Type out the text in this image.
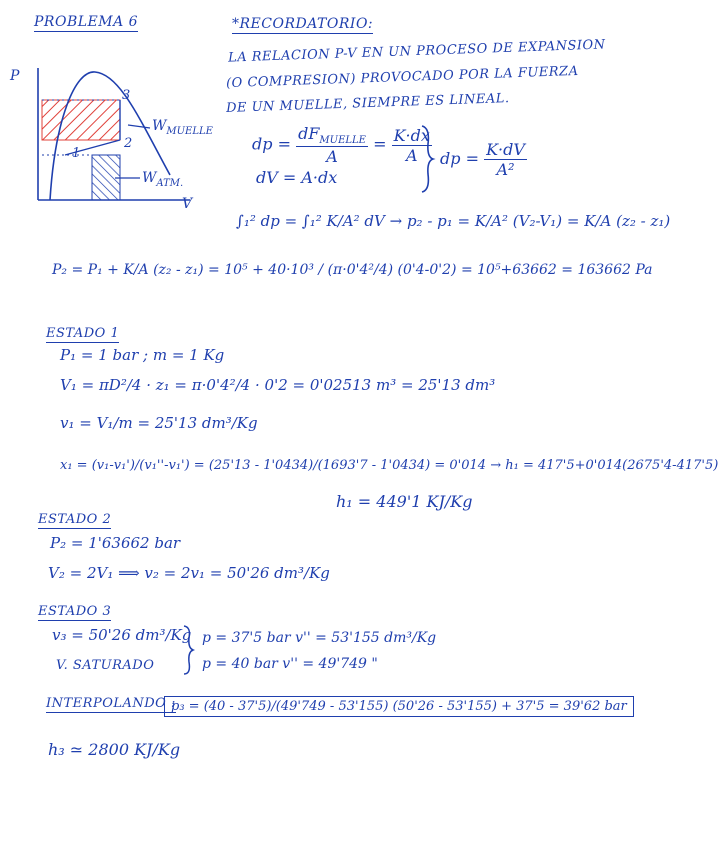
PROBLEMA 6	*RECORDATORIO:
LA RELACION P-V EN UN PROCESO DE EXPANSION
(O COMPRESION) PROVOCADO POR LA FUERZA
DE UN MUELLE, SIEMPRE ES LINEAL.
P
V
3
2
1
$W_{MUELLE}$
$W_{ATM.}$
dp = $\frac{dF_{MUELLE}}{A} = \frac{K\cdot dx}{A}$
dV = A·dx
dp = $\frac{K\cdot dV}{\text{A²}}$
∫₁² dp = ∫₁² K/A² dV → p₂ - p₁ = K/A² (V₂-V₁) = K/A (z₂ - z₁)
P₂ = P₁ + K/A (z₂ - z₁) = 10⁵ + 40·10³ / (π·0'4²/4) (0'4-0'2) = 10⁵+63662 = 163662 Pa
ESTADO 1
P₁ = 1 bar ; m = 1 Kg
V₁ = πD²/4 · z₁ = π·0'4²/4 · 0'2 = 0'02513 m³ = 25'13 dm³
v₁ = V₁/m = 25'13 dm³/Kg
x₁ = (v₁-v₁')/(v₁''-v₁') = (25'13 - 1'0434)/(1693'7 - 1'0434) = 0'014 → h₁ = 417'5+0'014(2675'4-417'5)
h₁ = 449'1 KJ/Kg
ESTADO 2
P₂ = 1'63662 bar
V₂ = 2V₁ ⟹ v₂ = 2v₁ = 50'26 dm³/Kg
ESTADO 3
v₃ = 50'26 dm³/Kg
V. SATURADO
p = 37'5 bar v'' = 53'155 dm³/Kg
p = 40 bar v'' = 49'749 "
INTERPOLANDO :
p₃ = (40 - 37'5)/(49'749 - 53'155) (50'26 - 53'155) + 37'5 = 39'62 bar
h₃ ≃ 2800 KJ/Kg
